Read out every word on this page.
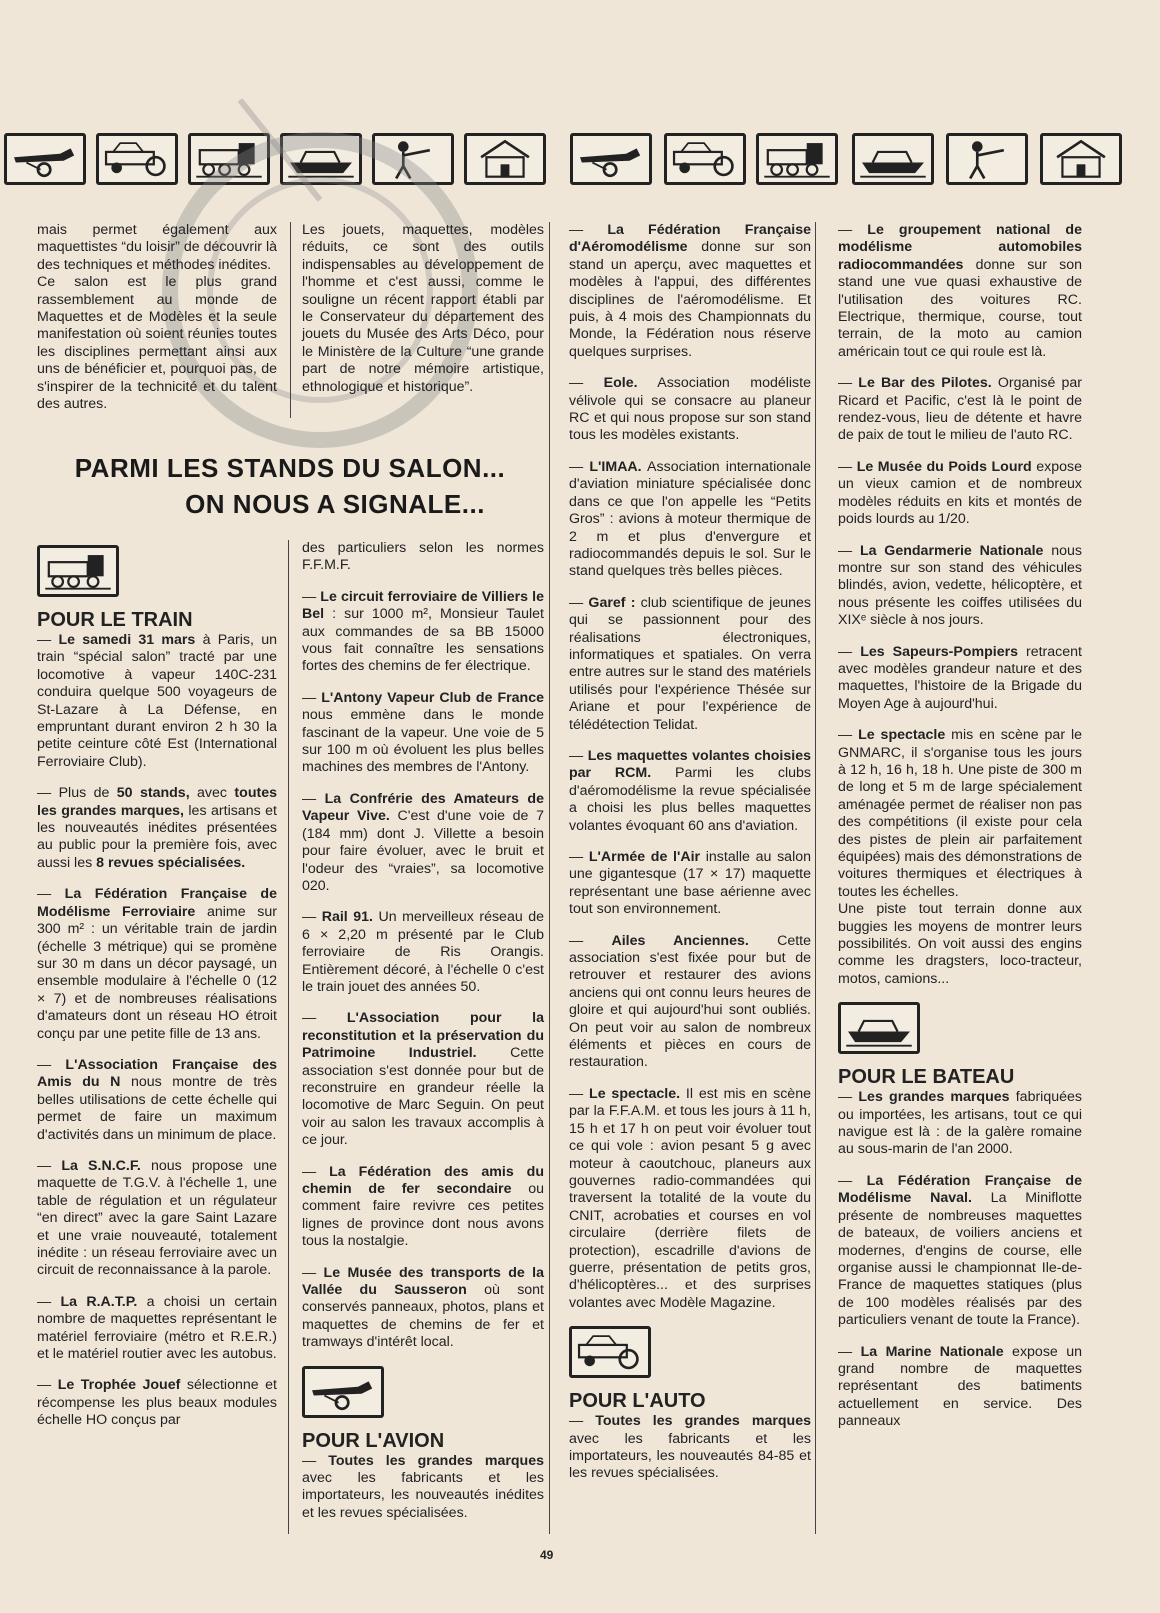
mais permet également aux maquettistes “du loisir” de découvrir là des techniques et méthodes inédites.
Ce salon est le plus grand rassemblement au monde de Maquettes et de Modèles et la seule manifestation où soient réunies toutes les disciplines permettant ainsi aux uns de bénéficier et, pourquoi pas, de s'inspirer de la technicité et du talent des autres.

Les jouets, maquettes, modèles réduits, ce sont des outils indispensables au développement de l'homme et c'est aussi, comme le souligne un récent rapport établi par le Conservateur du département des jouets du Musée des Arts Déco, pour le Ministère de la Culture “une grande part de notre mémoire artistique, ethnologique et historique”.

PARMI LES STANDS DU SALON...
ON NOUS A SIGNALE...
POUR LE TRAIN

— Le samedi 31 mars à Paris, un train “spécial salon” tracté par une locomotive à vapeur 140C-231 conduira quelque 500 voyageurs de St-Lazare à La Défense, en empruntant durant environ 2 h 30 la petite ceinture côté Est (International Ferroviaire Club).

— Plus de 50 stands, avec toutes les grandes marques, les artisans et les nouveautés inédites présentées au public pour la première fois, avec aussi les 8 revues spécialisées.

— La Fédération Française de Modélisme Ferroviaire anime sur 300 m² : un véritable train de jardin (échelle 3 métrique) qui se promène sur 30 m dans un décor paysagé, un ensemble modulaire à l'échelle 0 (12 × 7) et de nombreuses réalisations d'amateurs dont un réseau HO étroit conçu par une petite fille de 13 ans.

— L'Association Française des Amis du N nous montre de très belles utilisations de cette échelle qui permet de faire un maximum d'activités dans un minimum de place.

— La S.N.C.F. nous propose une maquette de T.G.V. à l'échelle 1, une table de régulation et un régulateur “en direct” avec la gare Saint Lazare et une vraie nouveauté, totalement inédite : un réseau ferroviaire avec un circuit de reconnaissance à la parole.

— La R.A.T.P. a choisi un certain nombre de maquettes représentant le matériel ferroviaire (métro et R.E.R.) et le matériel routier avec les autobus.

— Le Trophée Jouef sélectionne et récompense les plus beaux modules échelle HO conçus par

des particuliers selon les normes F.F.M.F.

— Le circuit ferroviaire de Villiers le Bel : sur 1000 m², Monsieur Taulet aux commandes de sa BB 15000 vous fait connaître les sensations fortes des chemins de fer électrique.

— L'Antony Vapeur Club de France nous emmène dans le monde fascinant de la vapeur. Une voie de 5 sur 100 m où évoluent les plus belles machines des membres de l'Antony.

— La Confrérie des Amateurs de Vapeur Vive. C'est d'une voie de 7 (184 mm) dont J. Villette a besoin pour faire évoluer, avec le bruit et l'odeur des “vraies”, sa locomotive 020.

— Rail 91. Un merveilleux réseau de 6 × 2,20 m présenté par le Club ferroviaire de Ris Orangis. Entièrement décoré, à l'échelle 0 c'est le train jouet des années 50.

— L'Association pour la reconstitution et la préservation du Patrimoine Industriel. Cette association s'est donnée pour but de reconstruire en grandeur réelle la locomotive de Marc Seguin. On peut voir au salon les travaux accomplis à ce jour.

— La Fédération des amis du chemin de fer secondaire ou comment faire revivre ces petites lignes de province dont nous avons tous la nostalgie.

— Le Musée des transports de la Vallée du Sausseron où sont conservés panneaux, photos, plans et maquettes de chemins de fer et tramways d'intérêt local.

POUR L'AVION

— Toutes les grandes marques avec les fabricants et les importateurs, les nouveautés inédites et les revues spécialisées.

— La Fédération Française d'Aéromodélisme donne sur son stand un aperçu, avec maquettes et modèles à l'appui, des différentes disciplines de l'aéromodélisme. Et puis, à 4 mois des Championnats du Monde, la Fédération nous réserve quelques surprises.

— Eole. Association modéliste vélivole qui se consacre au planeur RC et qui nous propose sur son stand tous les modèles existants.

— L'IMAA. Association internationale d'aviation miniature spécialisée donc dans ce que l'on appelle les “Petits Gros” : avions à moteur thermique de 2 m et plus d'envergure et radiocommandés depuis le sol. Sur le stand quelques très belles pièces.

— Garef : club scientifique de jeunes qui se passionnent pour des réalisations électroniques, informatiques et spatiales. On verra entre autres sur le stand des matériels utilisés pour l'expérience Thésée sur Ariane et pour l'expérience de télédétection Telidat.

— Les maquettes volantes choisies par RCM. Parmi les clubs d'aéromodélisme la revue spécialisée a choisi les plus belles maquettes volantes évoquant 60 ans d'aviation.

— L'Armée de l'Air installe au salon une gigantesque (17 × 17) maquette représentant une base aérienne avec tout son environnement.

— Ailes Anciennes. Cette association s'est fixée pour but de retrouver et restaurer des avions anciens qui ont connu leurs heures de gloire et qui aujourd'hui sont oubliés. On peut voir au salon de nombreux éléments et pièces en cours de restauration.

— Le spectacle. Il est mis en scène par la F.F.A.M. et tous les jours à 11 h, 15 h et 17 h on peut voir évoluer tout ce qui vole : avion pesant 5 g avec moteur à caoutchouc, planeurs aux gouvernes radio-commandées qui traversent la totalité de la voute du CNIT, acrobaties et courses en vol circulaire (derrière filets de protection), escadrille d'avions de guerre, présentation de petits gros, d'hélicoptères... et des surprises volantes avec Modèle Magazine.

POUR L'AUTO

— Toutes les grandes marques avec les fabricants et les importateurs, les nouveautés 84-85 et les revues spécialisées.

— Le groupement national de modélisme automobiles radiocommandées donne sur son stand une vue quasi exhaustive de l'utilisation des voitures RC. Electrique, thermique, course, tout terrain, de la moto au camion américain tout ce qui roule est là.

— Le Bar des Pilotes. Organisé par Ricard et Pacific, c'est là le point de rendez-vous, lieu de détente et havre de paix de tout le milieu de l'auto RC.

— Le Musée du Poids Lourd expose un vieux camion et de nombreux modèles réduits en kits et montés de poids lourds au 1/20.

— La Gendarmerie Nationale nous montre sur son stand des véhicules blindés, avion, vedette, hélicoptère, et nous présente les coiffes utilisées du XIXᵉ siècle à nos jours.

— Les Sapeurs-Pompiers retracent avec modèles grandeur nature et des maquettes, l'histoire de la Brigade du Moyen Age à aujourd'hui.

— Le spectacle mis en scène par le GNMARC, il s'organise tous les jours à 12 h, 16 h, 18 h. Une piste de 300 m de long et 5 m de large spécialement aménagée permet de réaliser non pas des compétitions (il existe pour cela des pistes de plein air parfaitement équipées) mais des démonstrations de voitures thermiques et électriques à toutes les échelles.

Une piste tout terrain donne aux buggies les moyens de montrer leurs possibilités. On voit aussi des engins comme les dragsters, loco-tracteur, motos, camions...

POUR LE BATEAU

— Les grandes marques fabriquées ou importées, les artisans, tout ce qui navigue est là : de la galère romaine au sous-marin de l'an 2000.

— La Fédération Française de Modélisme Naval. La Miniflotte présente de nombreuses maquettes de bateaux, de voiliers anciens et modernes, d'engins de course, elle organise aussi le championnat Ile-de-France de maquettes statiques (plus de 100 modèles réalisés par des particuliers venant de toute la France).

— La Marine Nationale expose un grand nombre de maquettes représentant des batiments actuellement en service. Des panneaux

49
